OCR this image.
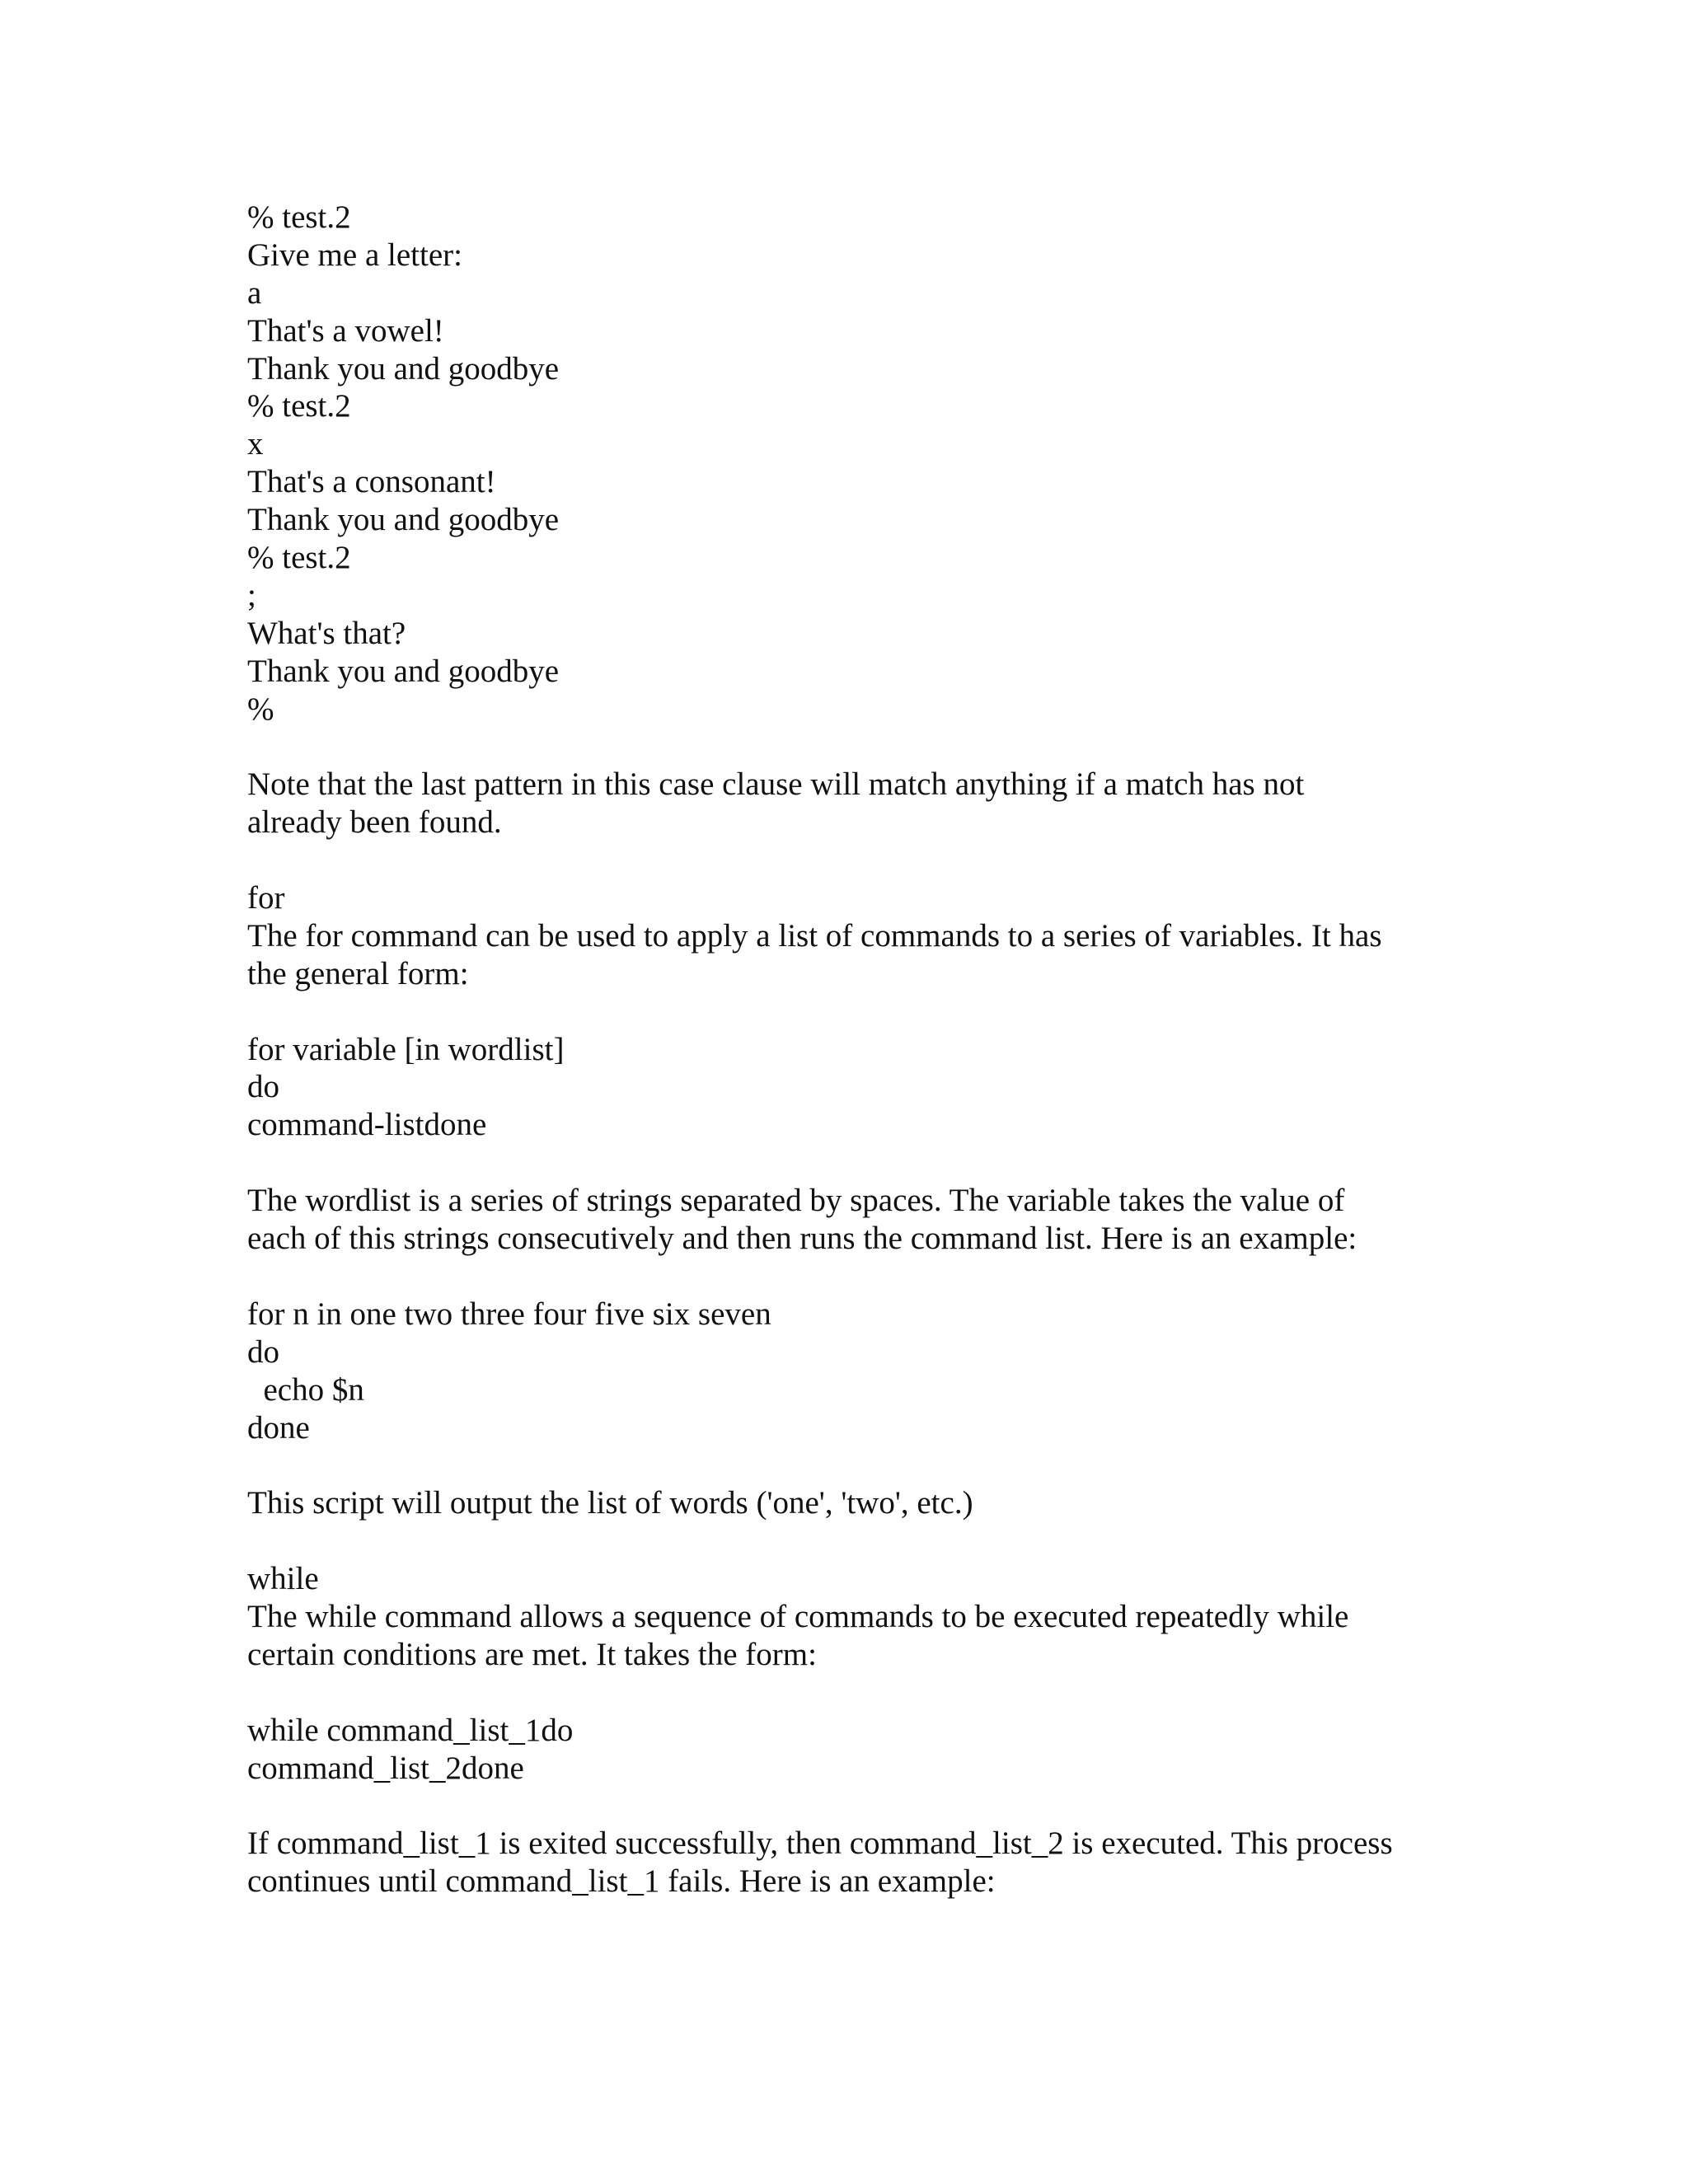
% test.2
Give me a letter:
a
That's a vowel!
Thank you and goodbye
% test.2
x
That's a consonant!
Thank you and goodbye
% test.2
;
What's that?
Thank you and goodbye
%
Note that the last pattern in this case clause will match anything if a match has not
already been found.
for
The for command can be used to apply a list of commands to a series of variables. It has
the general form:
for variable [in wordlist]
do
command-listdone
The wordlist is a series of strings separated by spaces. The variable takes the value of
each of this strings consecutively and then runs the command list. Here is an example:
for n in one two three four five six seven
do
echo $n
done
This script will output the list of words ('one', 'two', etc.)
while
The while command allows a sequence of commands to be executed repeatedly while
certain conditions are met. It takes the form:
while command_list_1do
command_list_2done
If command_list_1 is exited successfully, then command_list_2 is executed. This process
continues until command_list_1 fails. Here is an example:
